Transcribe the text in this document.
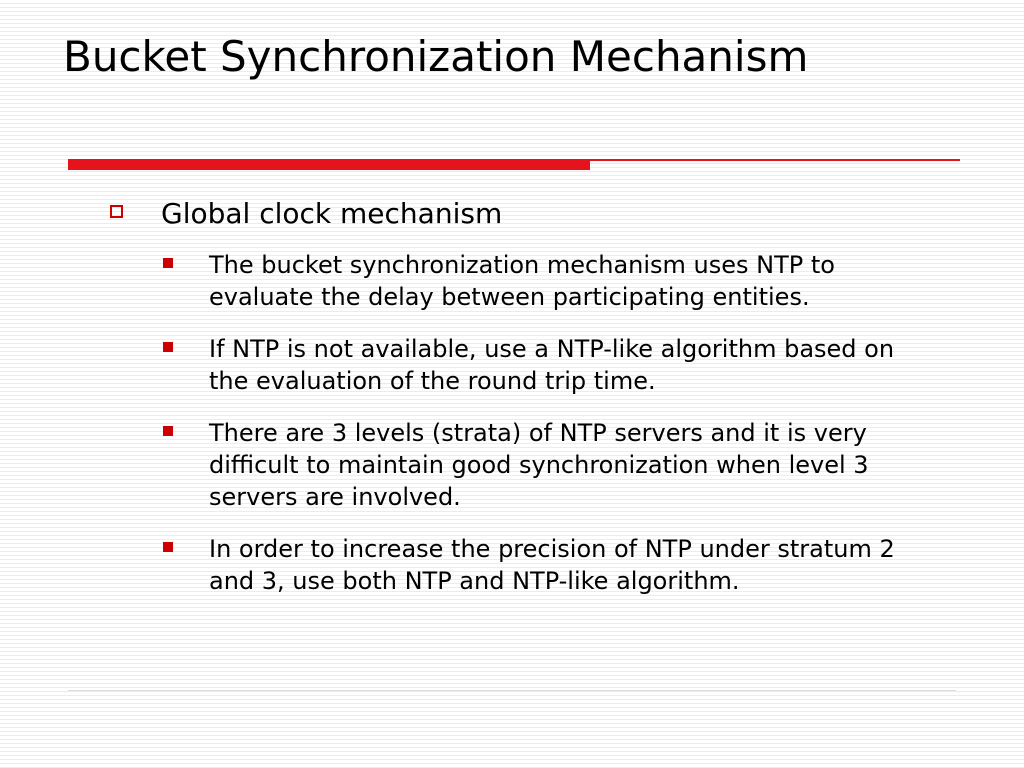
Bucket Synchronization Mechanism
Global clock mechanism
The bucket synchronization mechanism uses NTP to evaluate the delay between participating entities.
If NTP is not available, use a NTP-like algorithm based on the evaluation of the round trip time.
There are 3 levels (strata) of NTP servers and it is very difficult to maintain good synchronization when level 3 servers are involved.
In order to increase the precision of NTP under stratum 2 and 3, use both NTP and NTP-like algorithm.
